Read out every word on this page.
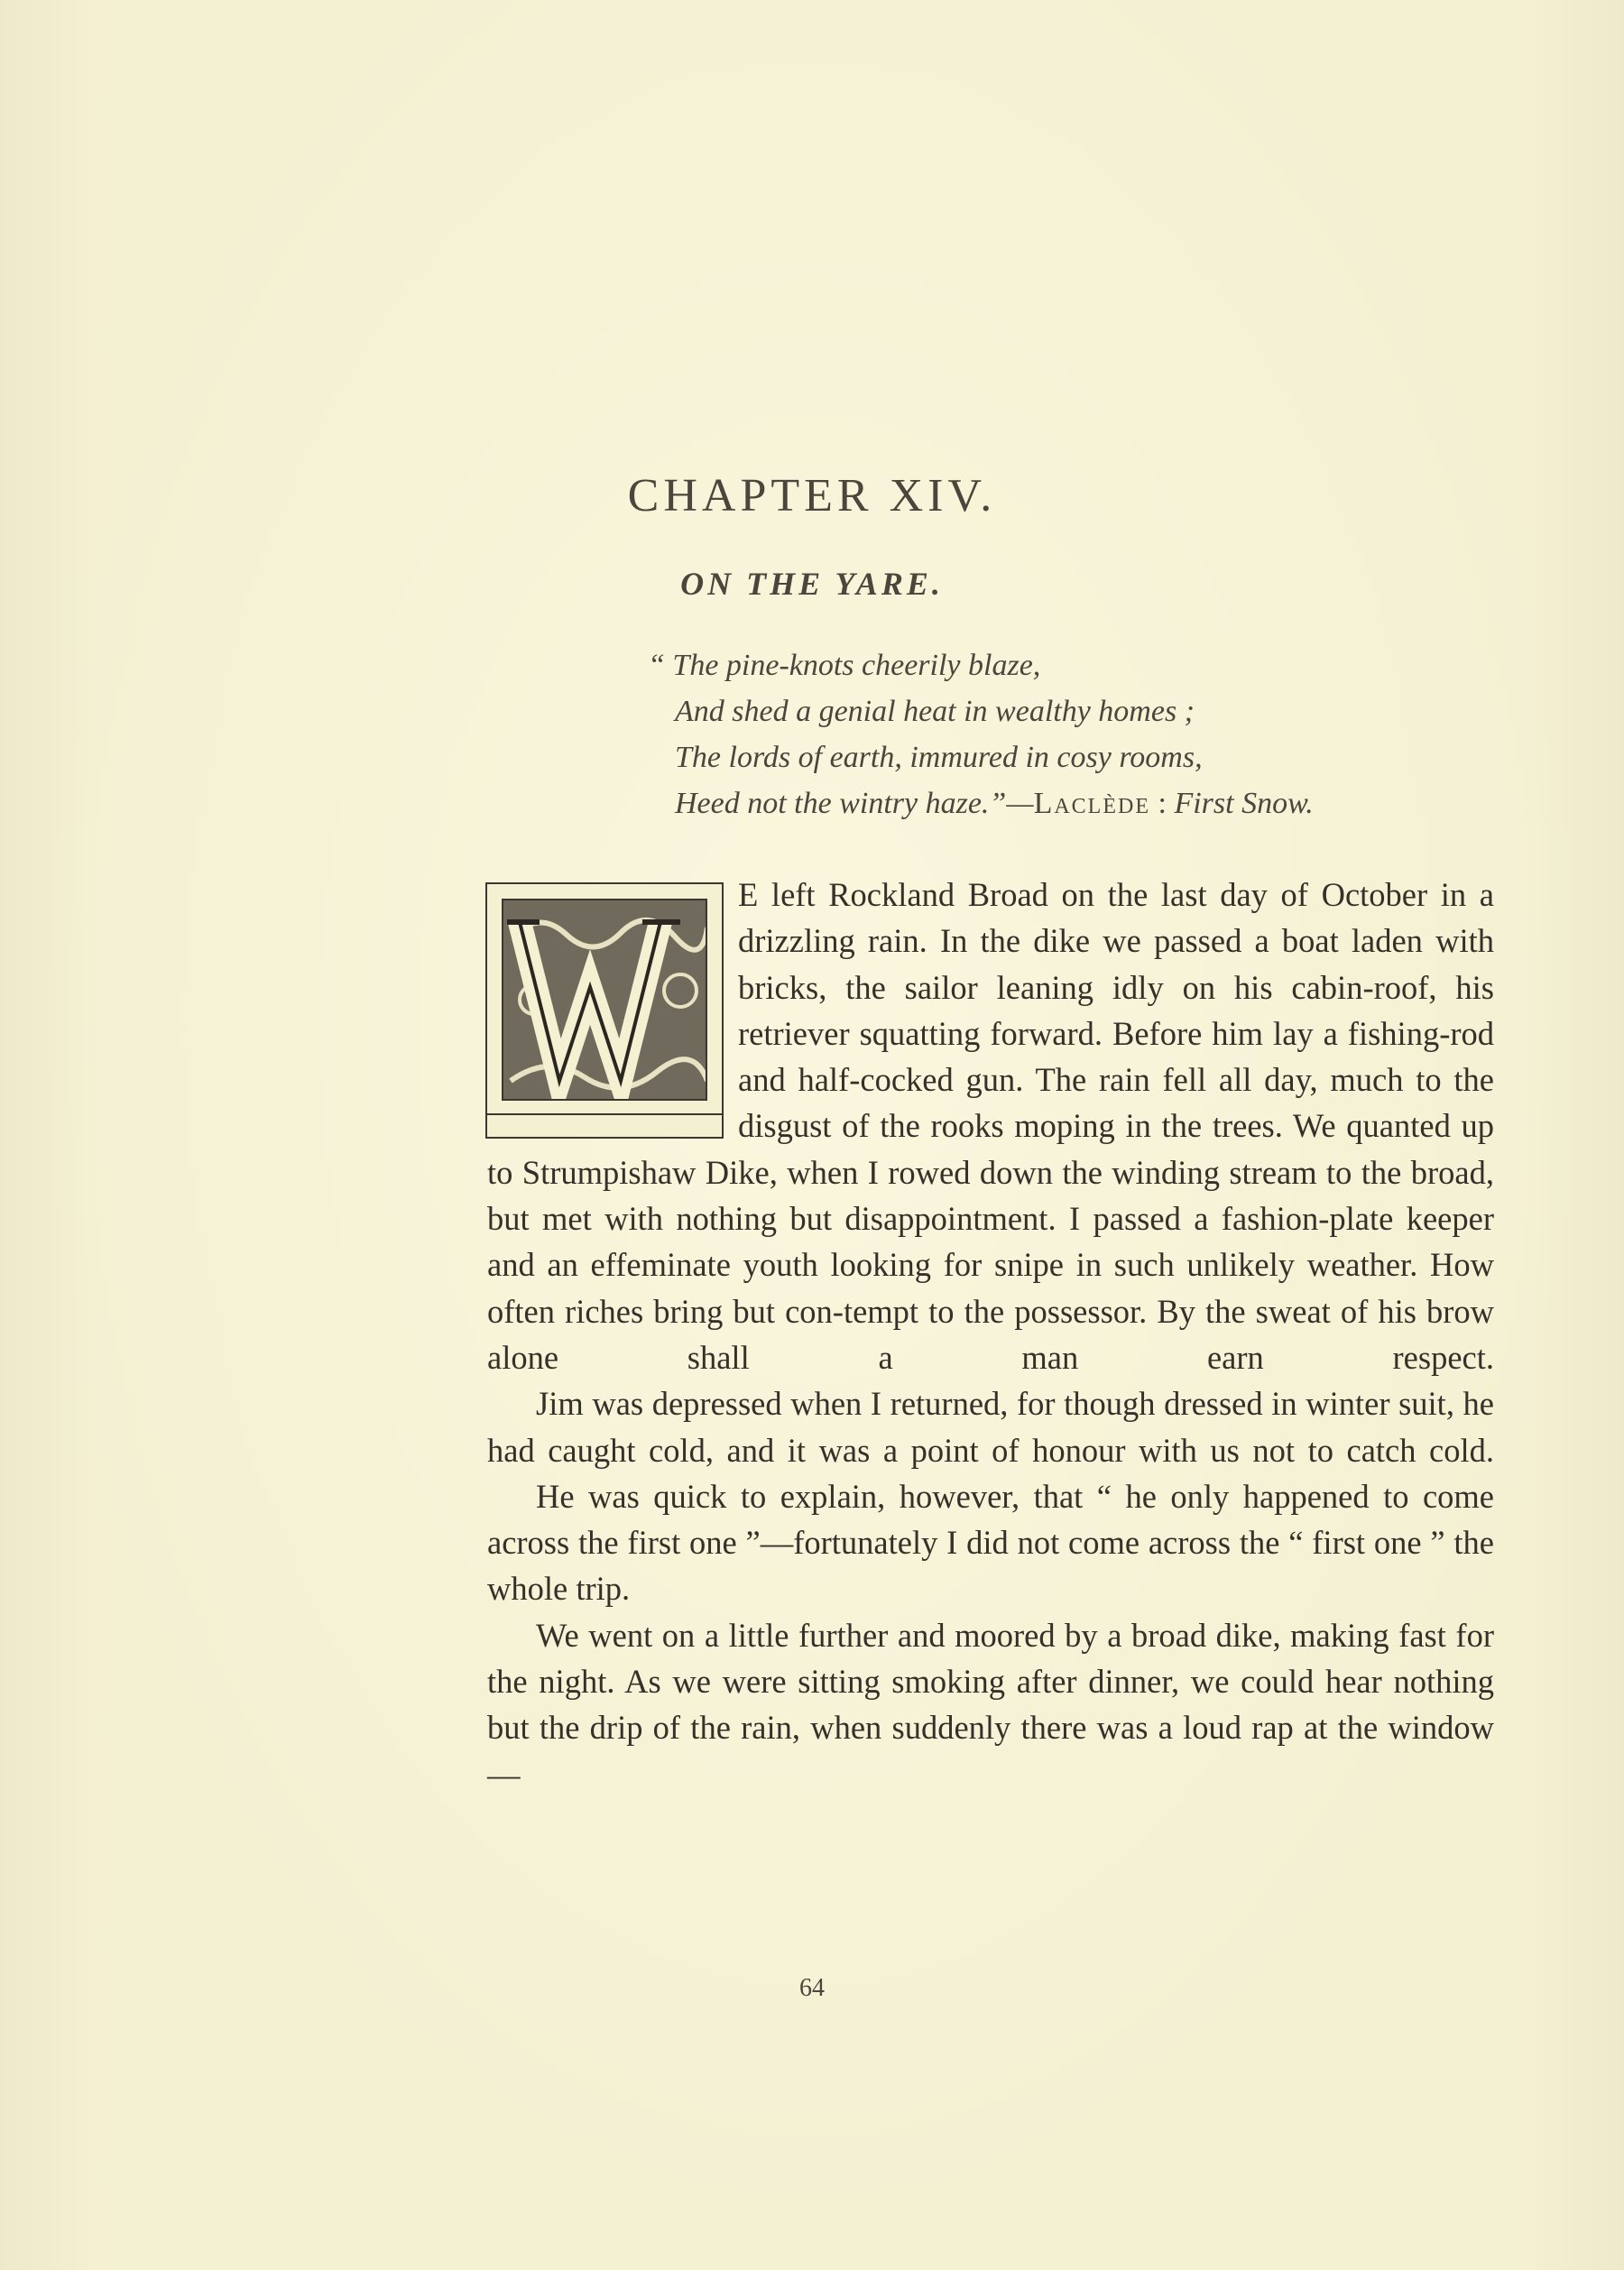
CHAPTER XIV.
ON THE YARE.
“ The pine-knots cheerily blaze,
And shed a genial heat in wealthy homes ;
The lords of earth, immured in cosy rooms,
Heed not the wintry haze.”—Laclède : First Snow.

E left Rockland Broad on the last day of October in a drizzling rain. In the dike we passed a boat laden with bricks, the sailor leaning idly on his cabin-roof, his retriever squatting forward. Before him lay a fishing-rod and half-cocked gun. The rain fell all day, much to the disgust of the rooks moping in the trees. We quanted up to Strumpishaw Dike, when I rowed down the winding stream to the broad, but met with nothing but disappointment. I passed a fashion-plate keeper and an effeminate youth looking for snipe in such unlikely weather. How often riches bring but con-tempt to the possessor. By the sweat of his brow alone shall a man earn respect.

Jim was depressed when I returned, for though dressed in winter suit, he had caught cold, and it was a point of honour with us not to catch cold.

He was quick to explain, however, that “ he only happened to come across the first one ”—fortunately I did not come across the “ first one ” the whole trip.

We went on a little further and moored by a broad dike, making fast for the night. As we were sitting smoking after dinner, we could hear nothing but the drip of the rain, when suddenly there was a loud rap at the window—

64
